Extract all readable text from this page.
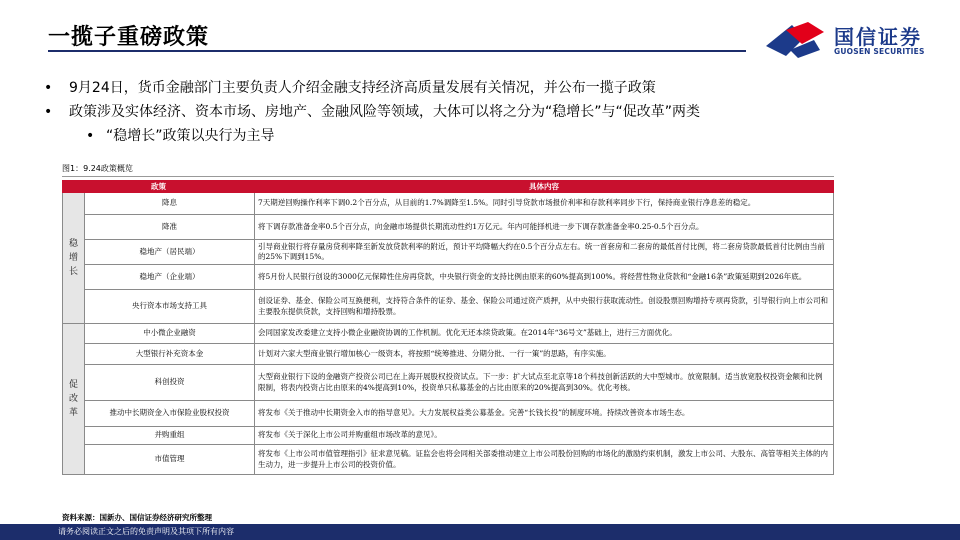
一揽子重磅政策	国信证券
GUOSEN SECURITIES
• 9月24日，货币金融部门主要负责人介绍金融支持经济高质量发展有关情况，并公布一揽子政策
• 政策涉及实体经济、资本市场、房地产、金融风险等领域，大体可以将之分为“稳增长”与“促改革”两类
• “稳增长”政策以央行为主导
图1：9.24政策概览
政策		具体内容
稳
增
长	降息	7天期逆回购操作利率下调0.2个百分点，从目前的1.7%调降至1.5%。同时引导贷款市场报价利率和存款利率同步下行，保持商业银行净息差的稳定。
	降准	将下调存款准备金率0.5个百分点，向金融市场提供长期流动性约1万亿元。年内可能择机进一步下调存款准备金率0.25-0.5个百分点。
	稳地产（居民端）	引导商业银行将存量房贷利率降至新发放贷款利率的附近，预计平均降幅大约在0.5个百分点左右。统一首套房和二套房的最低首付比例，将二套房贷款最低首付比例由当前的25%下调到15%。
	稳地产（企业端）	将5月份人民银行创设的3000亿元保障性住房再贷款，中央银行资金的支持比例由原来的60%提高到100%。将经营性物业贷款和“金融16条”政策延期到2026年底。
	央行资本市场支持工具	创设证券、基金、保险公司互换便利，支持符合条件的证券、基金、保险公司通过资产质押，从中央银行获取流动性。创设股票回购增持专项再贷款，引导银行向上市公司和主要股东提供贷款，支持回购和增持股票。
促
改
革	中小微企业融资	会同国家发改委建立支持小微企业融资协调的工作机制。优化无还本续贷政策。在2014年“36号文”基础上，进行三方面优化。
	大型银行补充资本金	计划对六家大型商业银行增加核心一级资本，将按照“统筹推进、分期分批、一行一策”的思路，有序实施。
	科创投资	大型商业银行下设的金融资产投资公司已在上海开展股权投资试点。下一步：扩大试点至北京等18个科技创新活跃的大中型城市。放宽限制。适当放宽股权投资金额和比例限制，将表内投资占比由原来的4%提高到10%，投资单只私募基金的占比由原来的20%提高到30%。优化考核。
	推动中长期资金入市保险业股权投资	将发布《关于推动中长期资金入市的指导意见》。大力发展权益类公募基金。完善“长钱长投”的制度环境。持续改善资本市场生态。
	并购重组	将发布《关于深化上市公司并购重组市场改革的意见》。
	市值管理	将发布《上市公司市值管理指引》征求意见稿。证监会也将会同相关部委推动建立上市公司股份回购的市场化的激励约束机制，激发上市公司、大股东、高管等相关主体的内生动力，进一步提升上市公司的投资价值。
资料来源：国新办、国信证券经济研究所整理
请务必阅读正文之后的免责声明及其项下所有内容
